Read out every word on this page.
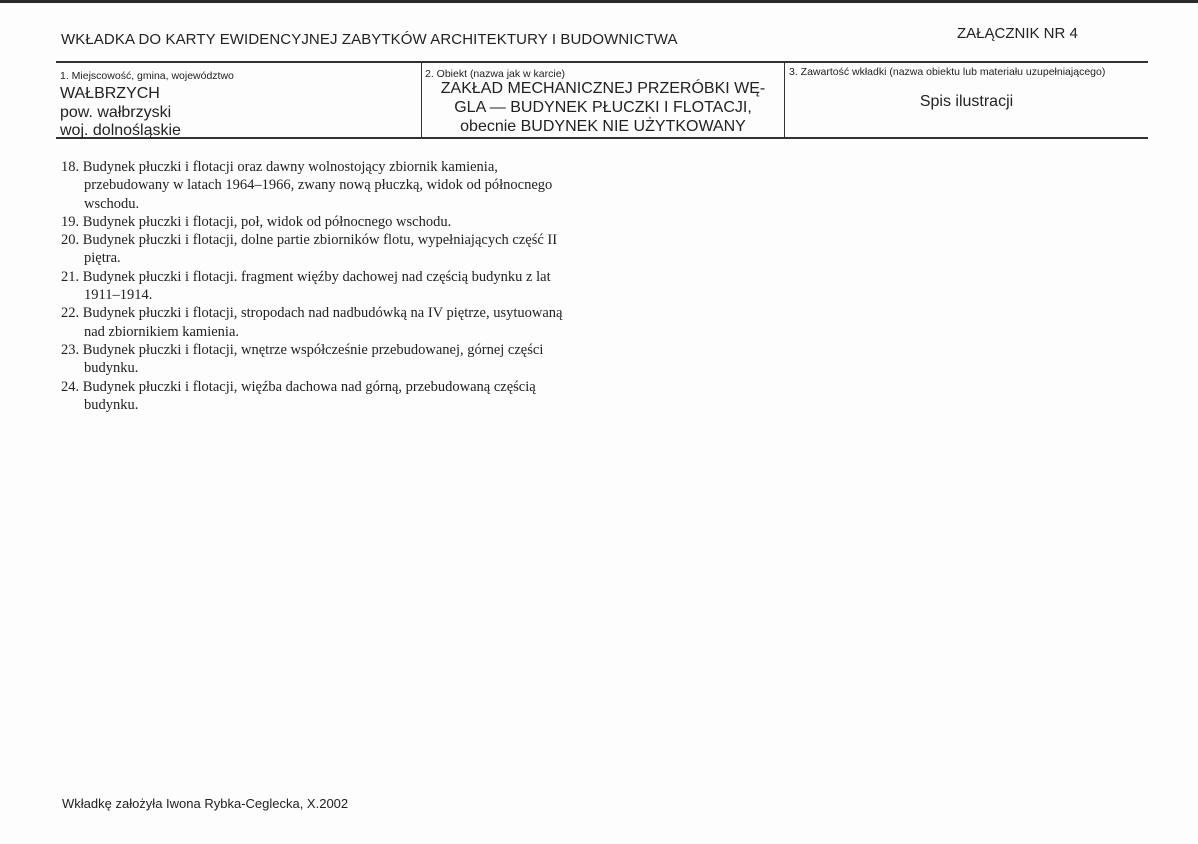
WKŁADKA DO KARTY EWIDENCYJNEJ ZABYTKÓW ARCHITEKTURY I BUDOWNICTWA	ZAŁĄCZNIK NR 4
1. Miejscowość, gmina, województwo
WAŁBRZYCH
pow. wałbrzyski
woj. dolnośląskie
2. Obiekt (nazwa jak w karcie)
ZAKŁAD MECHANICZNEJ PRZERÓBKI WĘ-
GLA — BUDYNEK PŁUCZKI I FLOTACJI,
obecnie BUDYNEK NIE UŻYTKOWANY
3. Zawartość wkładki (nazwa obiektu lub materiału uzupełniającego)
Spis ilustracji
18. Budynek płuczki i flotacji oraz dawny wolnostojący zbiornik kamienia, przebudowany w latach 1964–1966, zwany nową płuczką, widok od północnego wschodu.
19. Budynek płuczki i flotacji, poł, widok od północnego wschodu.
20. Budynek płuczki i flotacji, dolne partie zbiorników flotu, wypełniających część II piętra.
21. Budynek płuczki i flotacji. fragment więźby dachowej nad częścią budynku z lat 1911–1914.
22. Budynek płuczki i flotacji, stropodach nad nadbudówką na IV piętrze, usytuowaną nad zbiornikiem kamienia.
23. Budynek płuczki i flotacji, wnętrze współcześnie przebudowanej, górnej części budynku.
24. Budynek płuczki i flotacji, więźba dachowa nad górną, przebudowaną częścią budynku.
Wkładkę założyła Iwona Rybka-Ceglecka, X.2002
